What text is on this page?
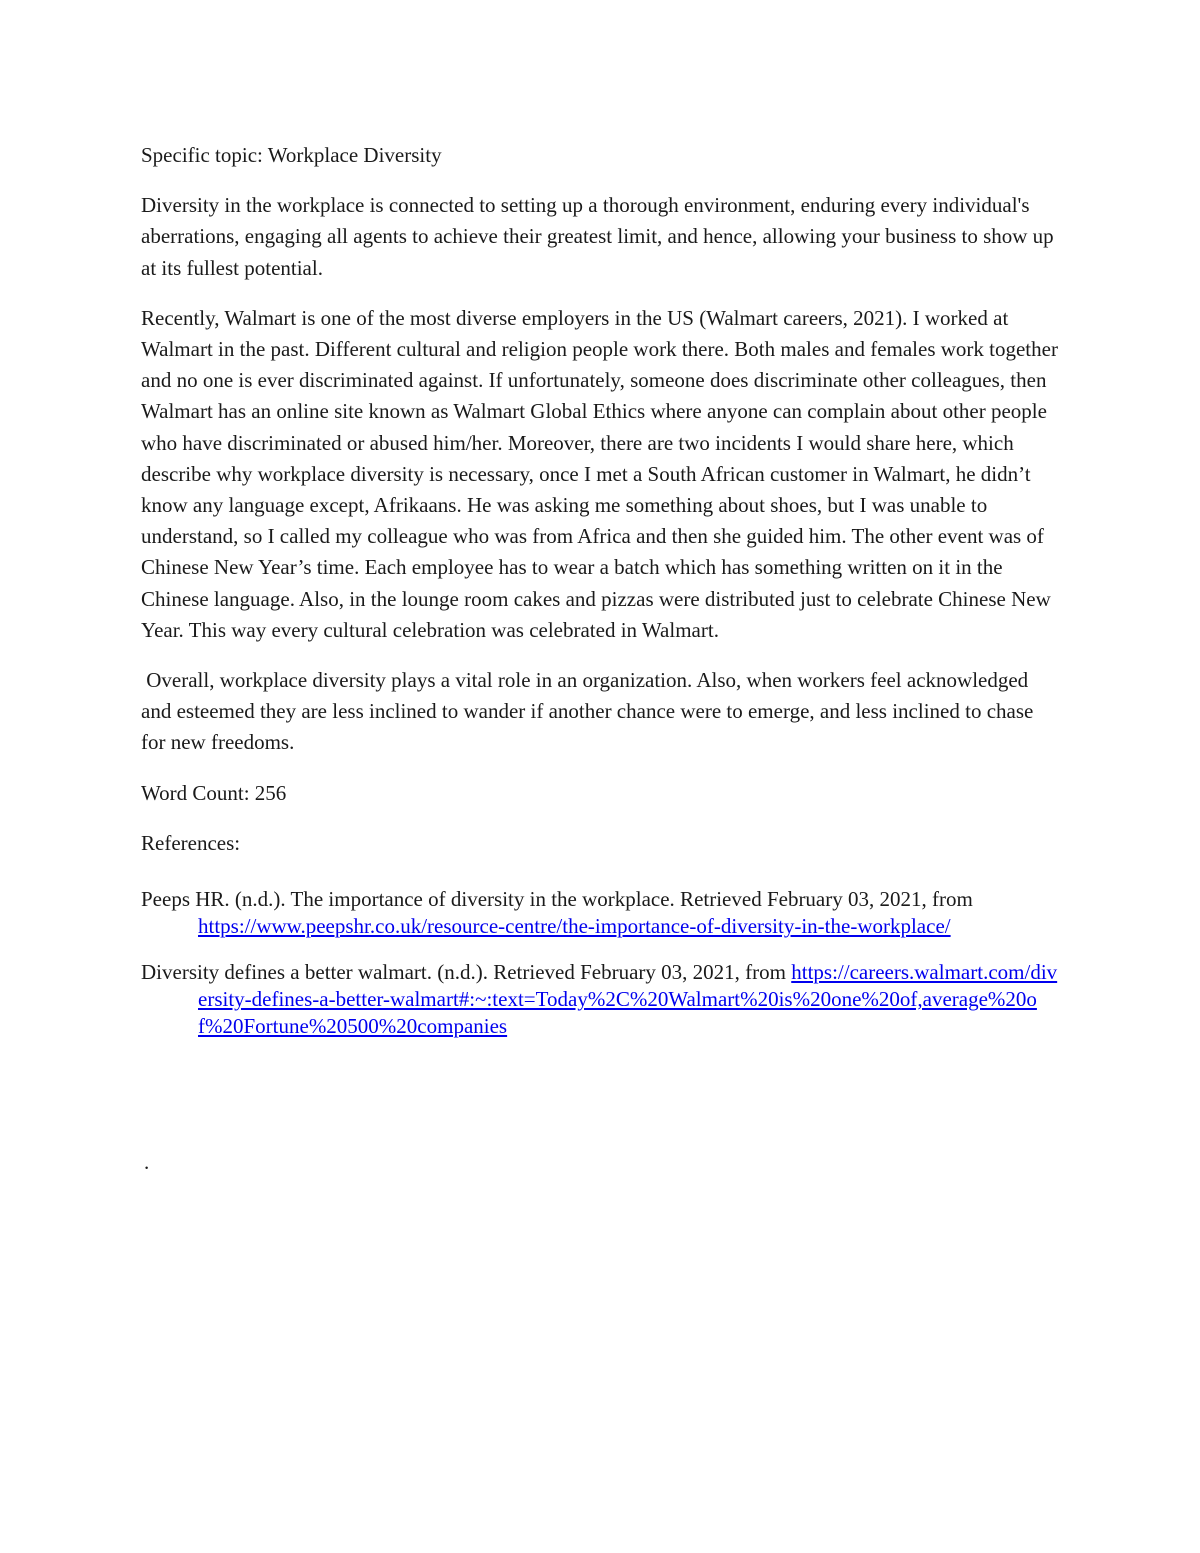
Specific topic: Workplace Diversity

Diversity in the workplace is connected to setting up a thorough environment, enduring every individual's aberrations, engaging all agents to achieve their greatest limit, and hence, allowing your business to show up at its fullest potential.

Recently, Walmart is one of the most diverse employers in the US (Walmart careers, 2021). I worked at Walmart in the past. Different cultural and religion people work there. Both males and females work together and no one is ever discriminated against. If unfortunately, someone does discriminate other colleagues, then Walmart has an online site known as Walmart Global Ethics where anyone can complain about other people who have discriminated or abused him/her. Moreover, there are two incidents I would share here, which describe why workplace diversity is necessary, once I met a South African customer in Walmart, he didn’t know any language except, Afrikaans. He was asking me something about shoes, but I was unable to understand, so I called my colleague who was from Africa and then she guided him. The other event was of Chinese New Year’s time. Each employee has to wear a batch which has something written on it in the Chinese language. Also, in the lounge room cakes and pizzas were distributed just to celebrate Chinese New Year. This way every cultural celebration was celebrated in Walmart.

Overall, workplace diversity plays a vital role in an organization. Also, when workers feel acknowledged and esteemed they are less inclined to wander if another chance were to emerge, and less inclined to chase for new freedoms.

Word Count: 256

References:

Peeps HR. (n.d.). The importance of diversity in the workplace. Retrieved February 03, 2021, from https://www.peepshr.co.uk/resource-centre/the-importance-of-diversity-in-the-workplace/

Diversity defines a better walmart. (n.d.). Retrieved February 03, 2021, from https://careers.walmart.com/diversity-defines-a-better-walmart#:~:text=Today%2C%20Walmart%20is%20one%20of,average%20of%20Fortune%20500%20companies

.
